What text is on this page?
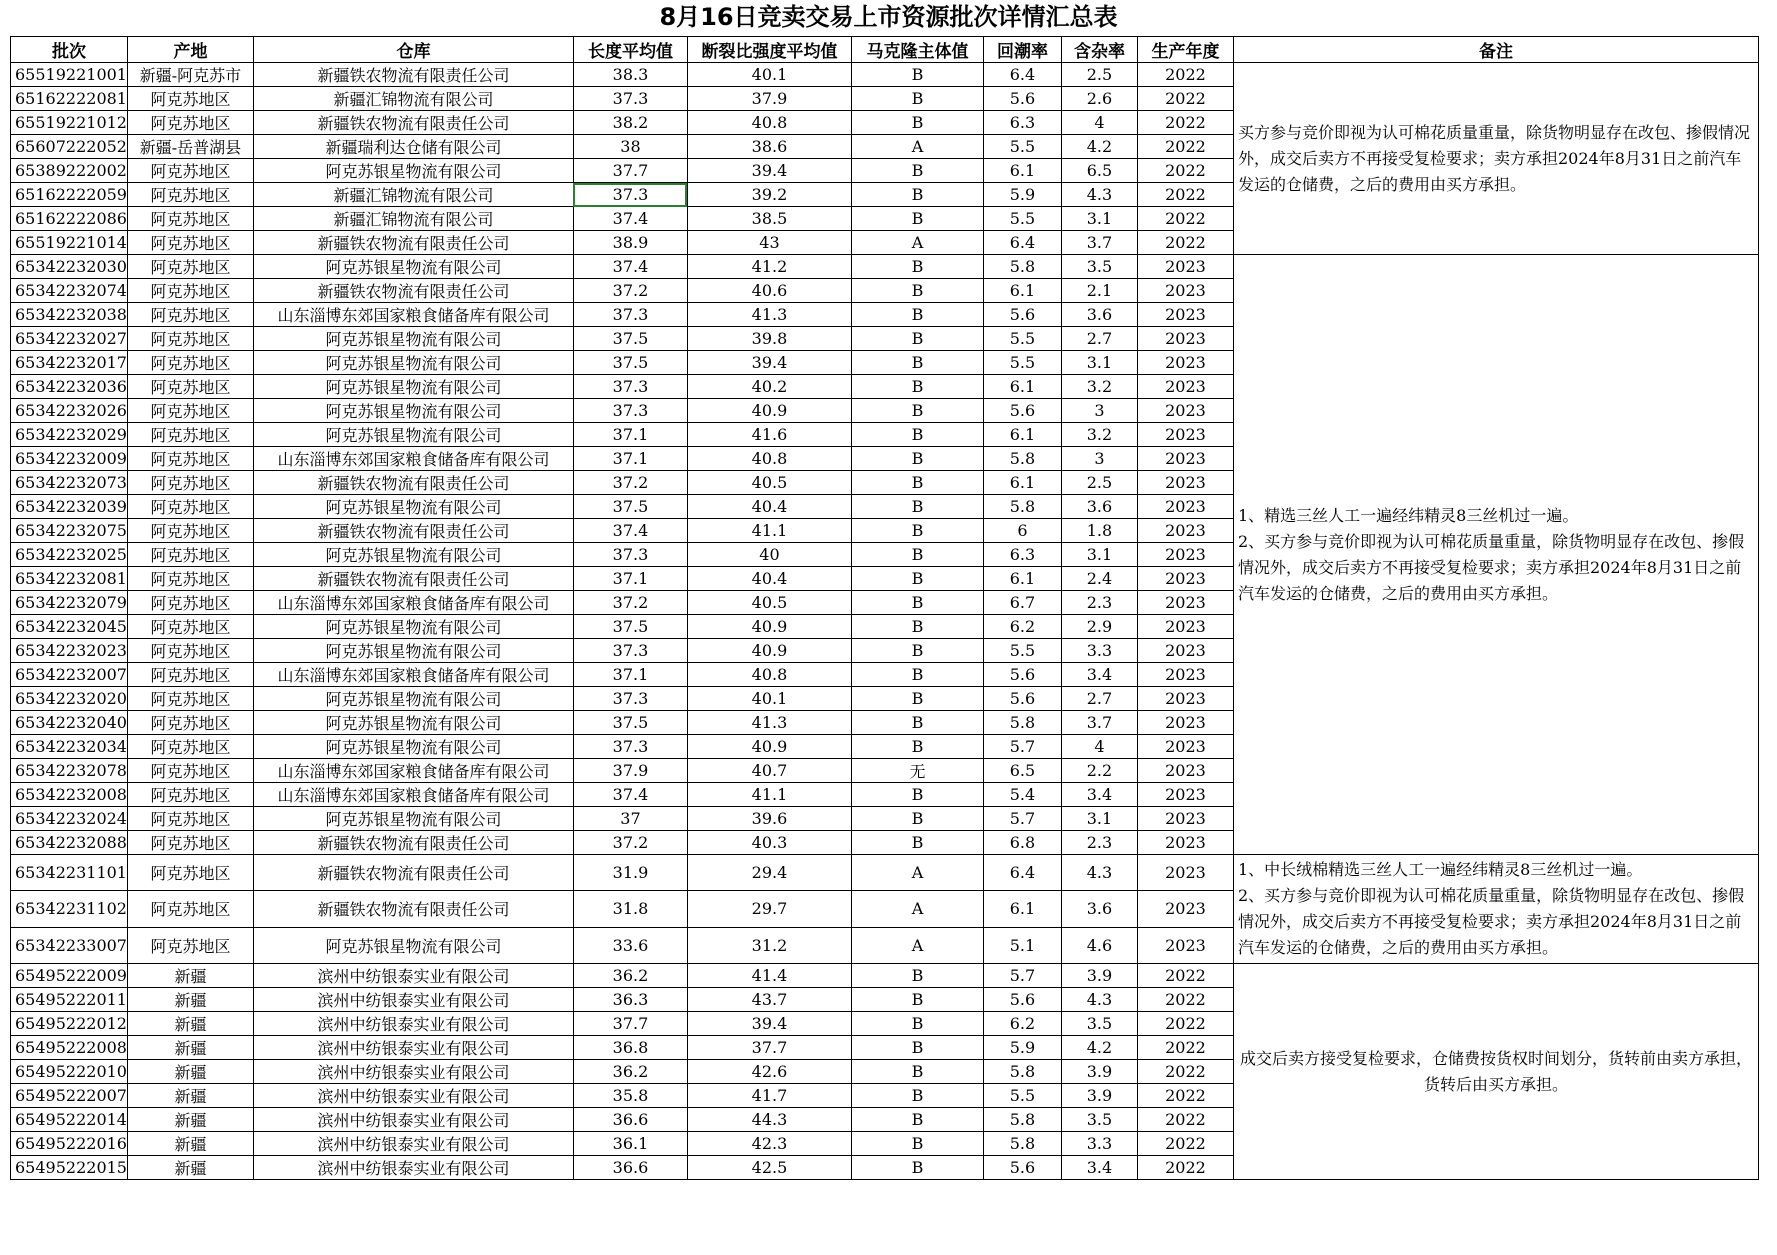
8月16日竞卖交易上市资源批次详情汇总表
批次	产地	仓库	长度平均值	断裂比强度平均值	马克隆主体值	回潮率	含杂率	生产年度	备注
65519221001	新疆-阿克苏市	新疆铁农物流有限责任公司	38.3	40.1	B	6.4	2.5	2022	买方参与竞价即视为认可棉花质量重量，除货物明显存在改包、掺假情况外，成交后卖方不再接受复检要求；卖方承担2024年8月31日之前汽车发运的仓储费，之后的费用由买方承担。
65162222081	阿克苏地区	新疆汇锦物流有限公司	37.3	37.9	B	5.6	2.6	2022	
65519221012	阿克苏地区	新疆铁农物流有限责任公司	38.2	40.8	B	6.3	4	2022	
65607222052	新疆-岳普湖县	新疆瑞利达仓储有限公司	38	38.6	A	5.5	4.2	2022	
65389222002	阿克苏地区	阿克苏银星物流有限公司	37.7	39.4	B	6.1	6.5	2022	
65162222059	阿克苏地区	新疆汇锦物流有限公司	37.3	39.2	B	5.9	4.3	2022	
65162222086	阿克苏地区	新疆汇锦物流有限公司	37.4	38.5	B	5.5	3.1	2022	
65519221014	阿克苏地区	新疆铁农物流有限责任公司	38.9	43	A	6.4	3.7	2022	
65342232030	阿克苏地区	阿克苏银星物流有限公司	37.4	41.2	B	5.8	3.5	2023	1、精选三丝人工一遍经纬精灵8三丝机过一遍。
2、买方参与竞价即视为认可棉花质量重量，除货物明显存在改包、掺假情况外，成交后卖方不再接受复检要求；卖方承担2024年8月31日之前汽车发运的仓储费，之后的费用由买方承担。
65342232074	阿克苏地区	新疆铁农物流有限责任公司	37.2	40.6	B	6.1	2.1	2023	
65342232038	阿克苏地区	山东淄博东郊国家粮食储备库有限公司	37.3	41.3	B	5.6	3.6	2023	
65342232027	阿克苏地区	阿克苏银星物流有限公司	37.5	39.8	B	5.5	2.7	2023	
65342232017	阿克苏地区	阿克苏银星物流有限公司	37.5	39.4	B	5.5	3.1	2023	
65342232036	阿克苏地区	阿克苏银星物流有限公司	37.3	40.2	B	6.1	3.2	2023	
65342232026	阿克苏地区	阿克苏银星物流有限公司	37.3	40.9	B	5.6	3	2023	
65342232029	阿克苏地区	阿克苏银星物流有限公司	37.1	41.6	B	6.1	3.2	2023	
65342232009	阿克苏地区	山东淄博东郊国家粮食储备库有限公司	37.1	40.8	B	5.8	3	2023	
65342232073	阿克苏地区	新疆铁农物流有限责任公司	37.2	40.5	B	6.1	2.5	2023	
65342232039	阿克苏地区	阿克苏银星物流有限公司	37.5	40.4	B	5.8	3.6	2023	
65342232075	阿克苏地区	新疆铁农物流有限责任公司	37.4	41.1	B	6	1.8	2023	
65342232025	阿克苏地区	阿克苏银星物流有限公司	37.3	40	B	6.3	3.1	2023	
65342232081	阿克苏地区	新疆铁农物流有限责任公司	37.1	40.4	B	6.1	2.4	2023	
65342232079	阿克苏地区	山东淄博东郊国家粮食储备库有限公司	37.2	40.5	B	6.7	2.3	2023	
65342232045	阿克苏地区	阿克苏银星物流有限公司	37.5	40.9	B	6.2	2.9	2023	
65342232023	阿克苏地区	阿克苏银星物流有限公司	37.3	40.9	B	5.5	3.3	2023	
65342232007	阿克苏地区	山东淄博东郊国家粮食储备库有限公司	37.1	40.8	B	5.6	3.4	2023	
65342232020	阿克苏地区	阿克苏银星物流有限公司	37.3	40.1	B	5.6	2.7	2023	
65342232040	阿克苏地区	阿克苏银星物流有限公司	37.5	41.3	B	5.8	3.7	2023	
65342232034	阿克苏地区	阿克苏银星物流有限公司	37.3	40.9	B	5.7	4	2023	
65342232078	阿克苏地区	山东淄博东郊国家粮食储备库有限公司	37.9	40.7	无	6.5	2.2	2023	
65342232008	阿克苏地区	山东淄博东郊国家粮食储备库有限公司	37.4	41.1	B	5.4	3.4	2023	
65342232024	阿克苏地区	阿克苏银星物流有限公司	37	39.6	B	5.7	3.1	2023	
65342232088	阿克苏地区	新疆铁农物流有限责任公司	37.2	40.3	B	6.8	2.3	2023	
65342231101	阿克苏地区	新疆铁农物流有限责任公司	31.9	29.4	A	6.4	4.3	2023	1、中长绒棉精选三丝人工一遍经纬精灵8三丝机过一遍。
2、买方参与竞价即视为认可棉花质量重量，除货物明显存在改包、掺假情况外，成交后卖方不再接受复检要求；卖方承担2024年8月31日之前汽车发运的仓储费，之后的费用由买方承担。
65342231102	阿克苏地区	新疆铁农物流有限责任公司	31.8	29.7	A	6.1	3.6	2023	
65342233007	阿克苏地区	阿克苏银星物流有限公司	33.6	31.2	A	5.1	4.6	2023	
65495222009	新疆	滨州中纺银泰实业有限公司	36.2	41.4	B	5.7	3.9	2022	成交后卖方接受复检要求，仓储费按货权时间划分，货转前由卖方承担，货转后由买方承担。
65495222011	新疆	滨州中纺银泰实业有限公司	36.3	43.7	B	5.6	4.3	2022	
65495222012	新疆	滨州中纺银泰实业有限公司	37.7	39.4	B	6.2	3.5	2022	
65495222008	新疆	滨州中纺银泰实业有限公司	36.8	37.7	B	5.9	4.2	2022	
65495222010	新疆	滨州中纺银泰实业有限公司	36.2	42.6	B	5.8	3.9	2022	
65495222007	新疆	滨州中纺银泰实业有限公司	35.8	41.7	B	5.5	3.9	2022	
65495222014	新疆	滨州中纺银泰实业有限公司	36.6	44.3	B	5.8	3.5	2022	
65495222016	新疆	滨州中纺银泰实业有限公司	36.1	42.3	B	5.8	3.3	2022	
65495222015	新疆	滨州中纺银泰实业有限公司	36.6	42.5	B	5.6	3.4	2022	
